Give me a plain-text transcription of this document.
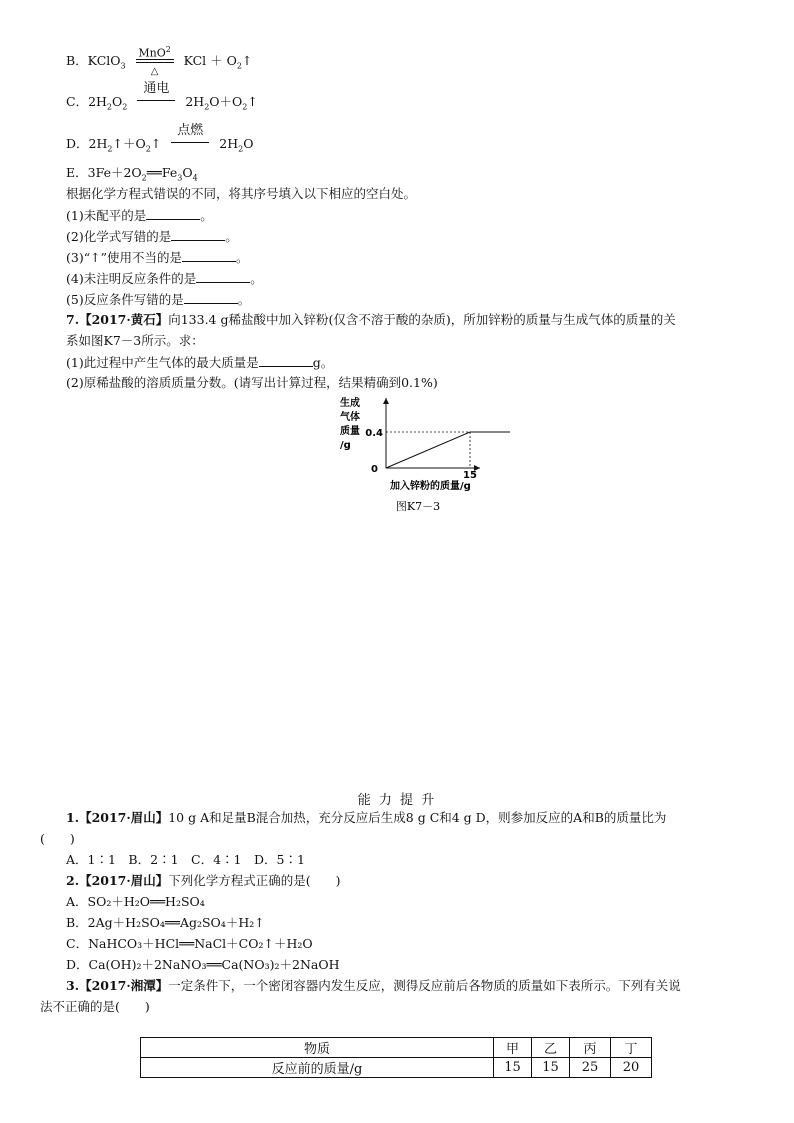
B．KClO$_3$
MnO$^2$
△
KCl ＋ $O_2↑$
C．$2H_2O_2$
通电
$2H_2O+O_2↑$
D．$2H_2↑+O_2↑$
点燃
$2H_2O$
E．$3Fe+2O_2══Fe_3O_4$
根据化学方程式错误的不同，将其序号填入以下相应的空白处。
(1)未配平的是	。
(2)化学式写错的是	。
(3)“↑”使用不当的是	。
(4)未注明反应条件的是	。
(5)反应条件写错的是	。
7.【2017·黄石】向133.4 g稀盐酸中加入锌粉(仅含不溶于酸的杂质)，所加锌粉的质量与生成气体的质量的关
系如图K7－3所示。求：
(1)此过程中产生气体的最大质量是	g。
(2)原稀盐酸的溶质质量分数。(请写出计算过程，结果精确到0.1%)
0.4
15
0
生成
气体
质量
/g
加入锌粉的质量/g
图K7－3
能 力 提 升
1.【2017·眉山】10 g A和足量B混合加热，充分反应后生成8 g C和4 g D，则参加反应的A和B的质量比为
(　　)
A．1∶1　B．2∶1　C．4∶1　D．5∶1
2.【2017·眉山】下列化学方程式正确的是(　　)
A．SO₂＋H₂O══H₂SO₄
B．2Ag＋H₂SO₄══Ag₂SO₄＋H₂↑
C．NaHCO₃＋HCl══NaCl＋CO₂↑＋H₂O
D．Ca(OH)₂＋2NaNO₃══Ca(NO₃)₂＋2NaOH
3.【2017·湘潭】一定条件下，一个密闭容器内发生反应，测得反应前后各物质的质量如下表所示。下列有关说
法不正确的是(　　)
物质	甲	乙	丙	丁
反应前的质量/g	15	15	25	20
